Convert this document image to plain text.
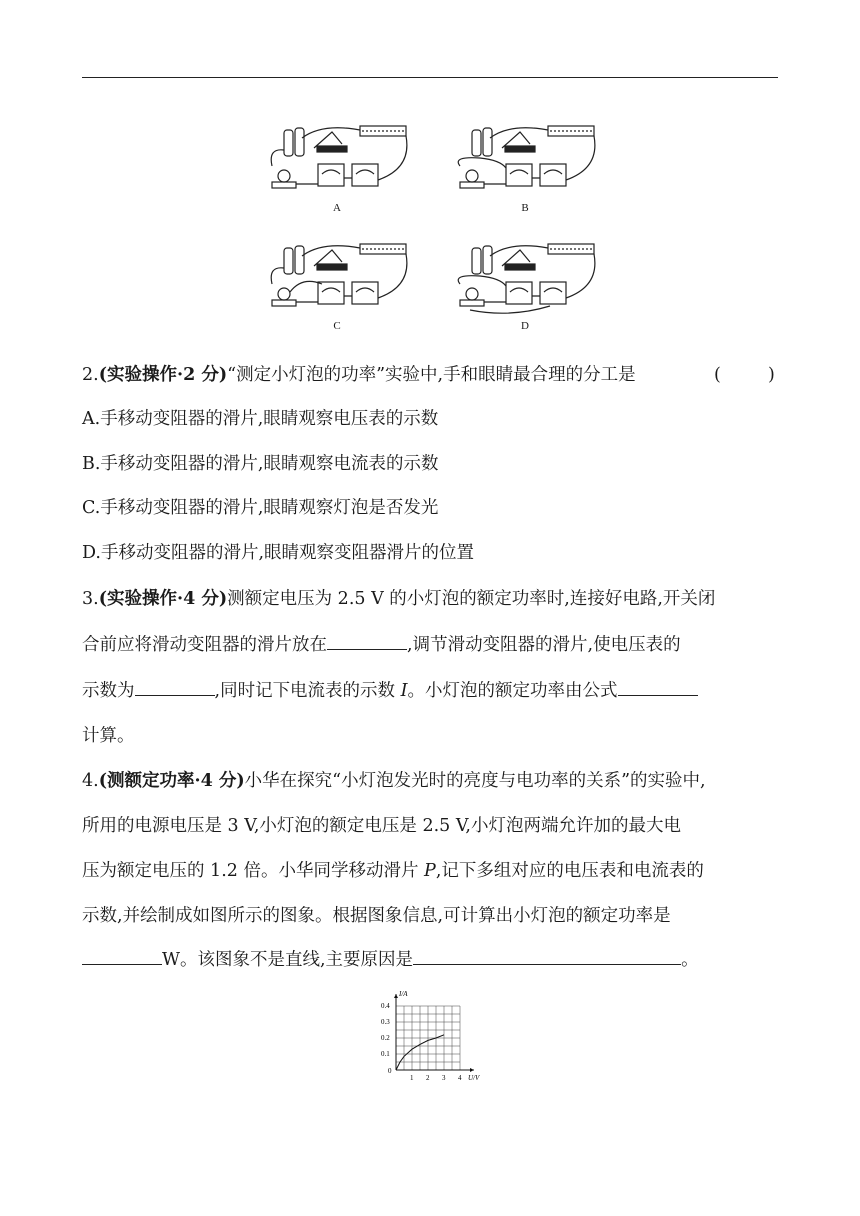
A	B
C	D
2.(实验操作·2 分)“测定小灯泡的功率”实验中,手和眼睛最合理的分工是	(	)
A.手移动变阻器的滑片,眼睛观察电压表的示数
B.手移动变阻器的滑片,眼睛观察电流表的示数
C.手移动变阻器的滑片,眼睛观察灯泡是否发光
D.手移动变阻器的滑片,眼睛观察变阻器滑片的位置
3.(实验操作·4 分)测额定电压为 2.5 V 的小灯泡的额定功率时,连接好电路,开关闭
合前应将滑动变阻器的滑片放在	,调节滑动变阻器的滑片,使电压表的
示数为	,同时记下电流表的示数 I。小灯泡的额定功率由公式
计算。
4.(测额定功率·4 分)小华在探究“小灯泡发光时的亮度与电功率的关系”的实验中,
所用的电源电压是 3 V,小灯泡的额定电压是 2.5 V,小灯泡两端允许加的最大电
压为额定电压的 1.2 倍。小华同学移动滑片 P,记下多组对应的电压表和电流表的
示数,并绘制成如图所示的图象。根据图象信息,可计算出小灯泡的额定功率是
W。该图象不是直线,主要原因是	。
1 2 3 4
0.1
0.2
0.3
0.4
0
U/V
I/A
